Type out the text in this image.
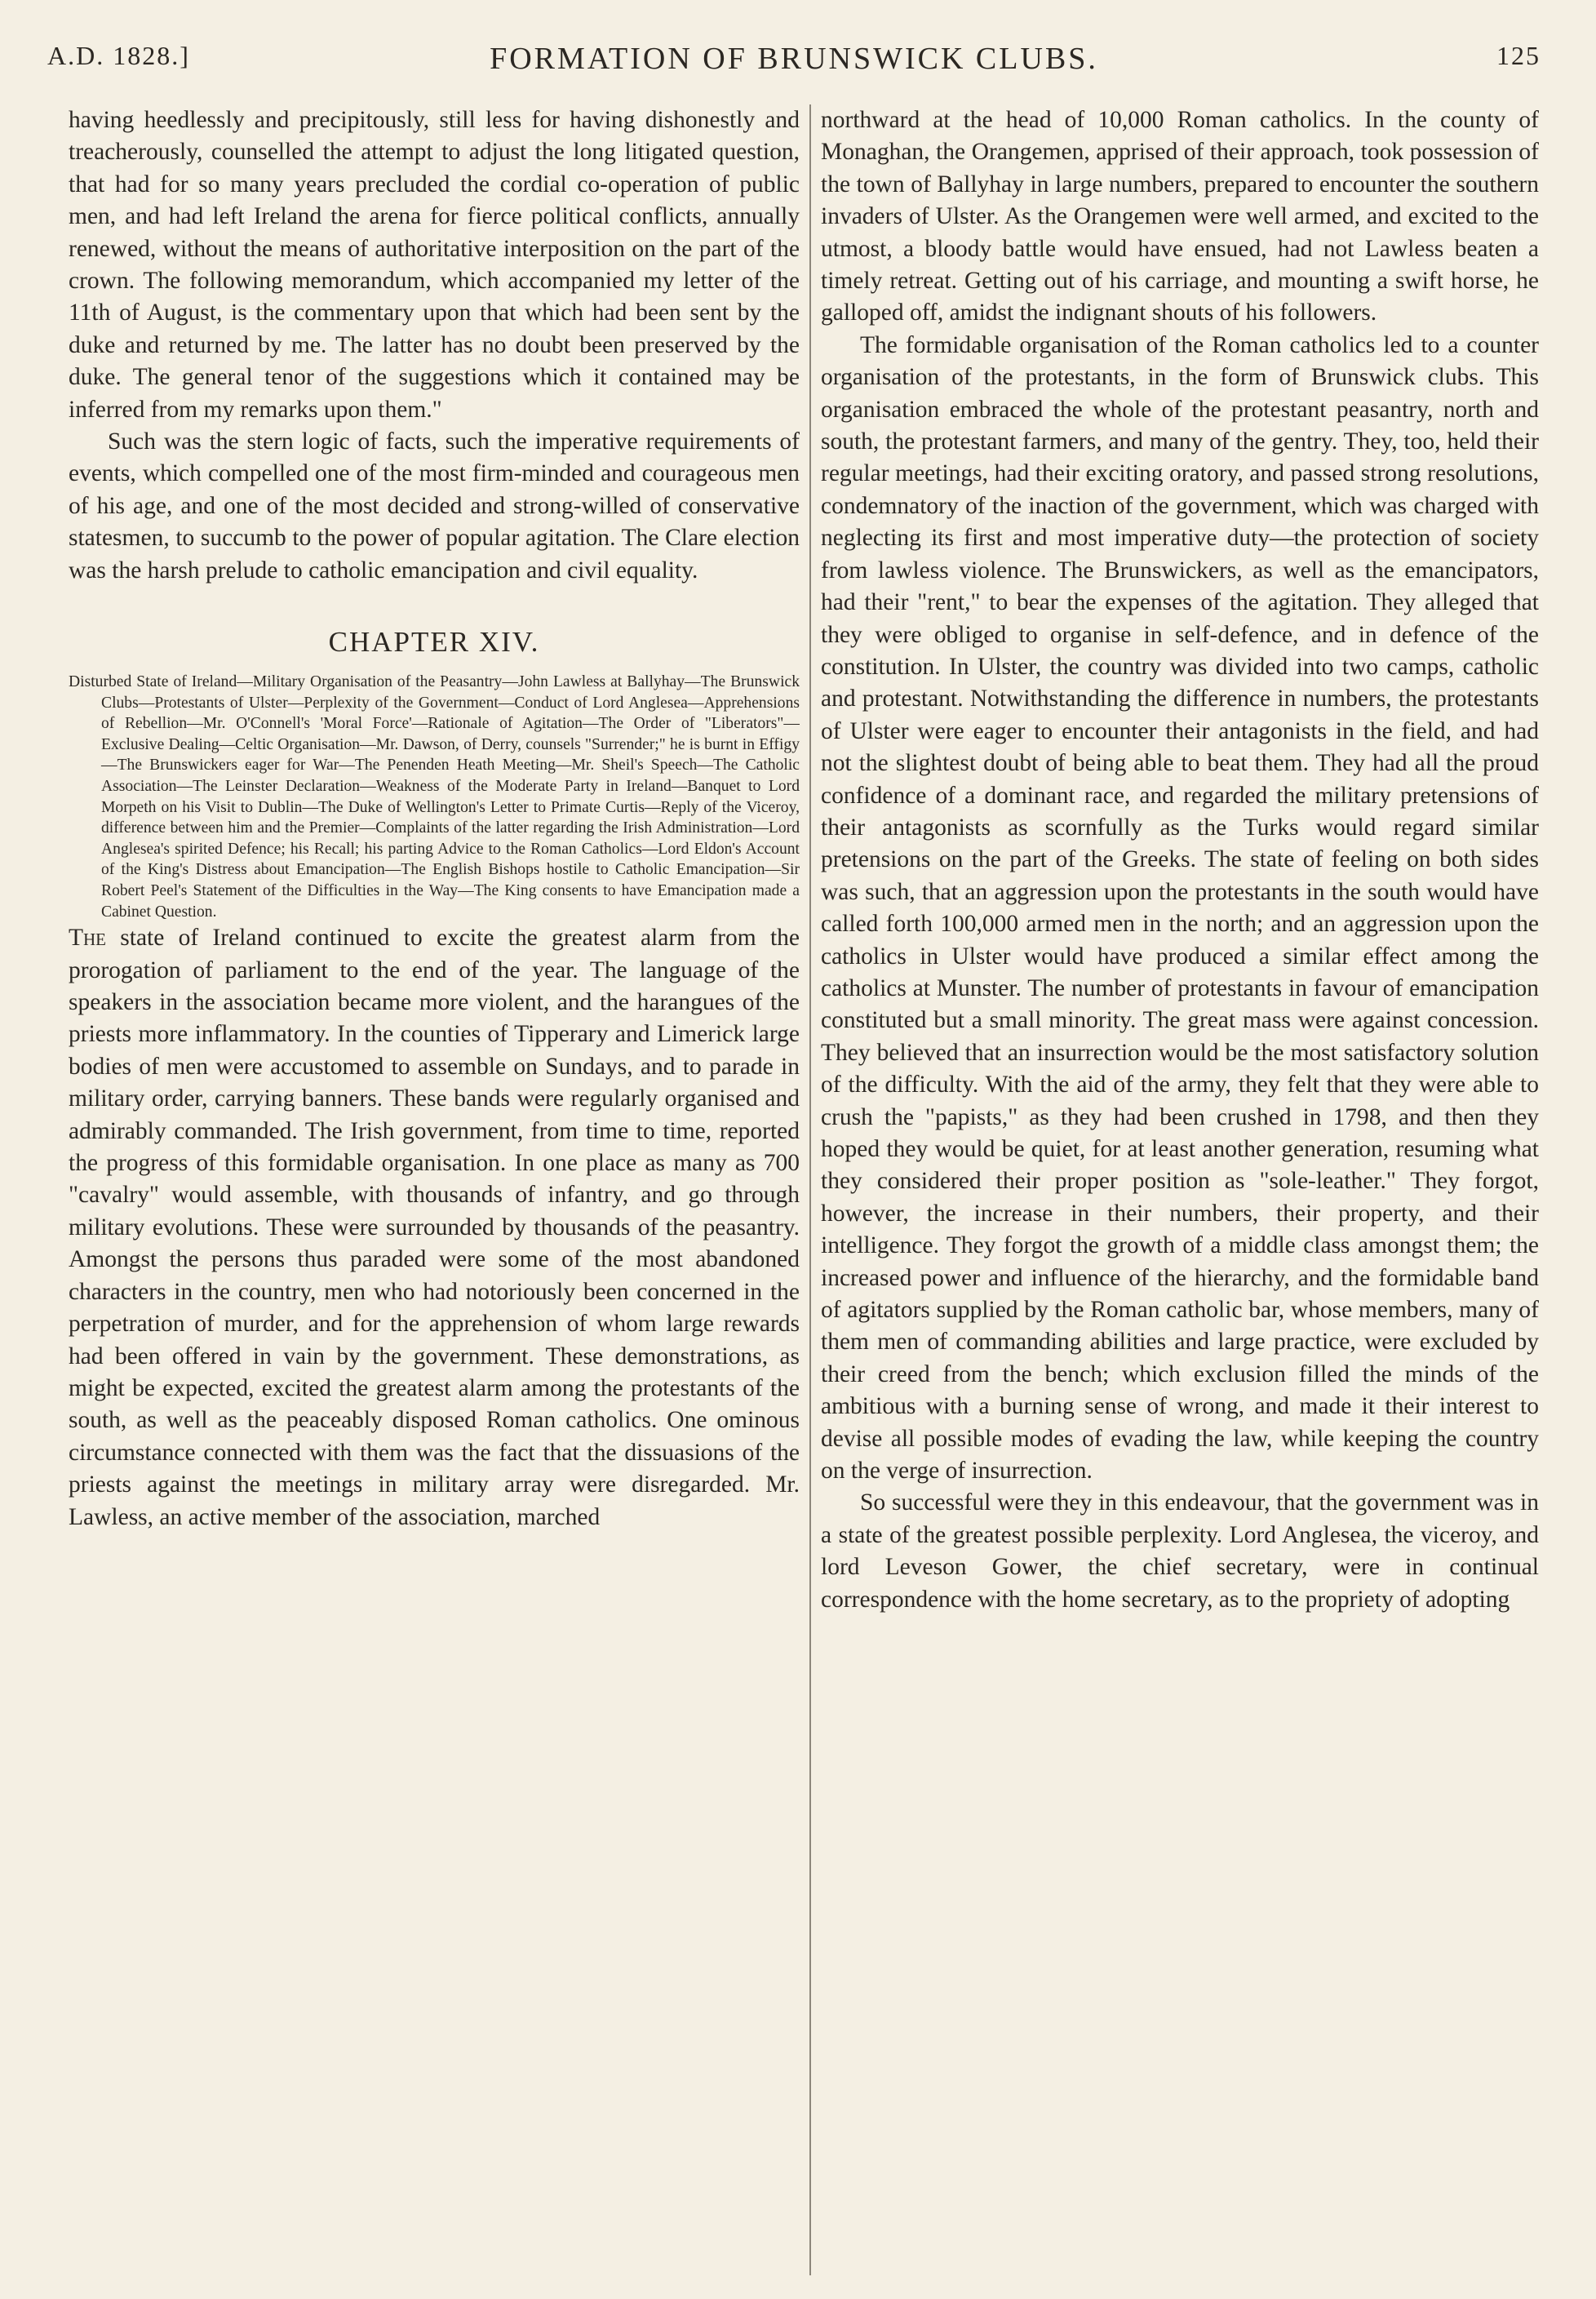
FORMATION OF BRUNSWICK CLUBS.
A.D. 1828.]	125

having heedlessly and precipitously, still less for having dishonestly and treacherously, counselled the attempt to adjust the long litigated question, that had for so many years precluded the cordial co-operation of public men, and had left Ireland the arena for fierce political conflicts, annually renewed, without the means of authoritative interposition on the part of the crown. The following memorandum, which accompanied my letter of the 11th of August, is the commentary upon that which had been sent by the duke and returned by me. The latter has no doubt been preserved by the duke. The general tenor of the suggestions which it contained may be inferred from my remarks upon them."

Such was the stern logic of facts, such the imperative requirements of events, which compelled one of the most firm-minded and courageous men of his age, and one of the most decided and strong-willed of conservative statesmen, to succumb to the power of popular agitation. The Clare election was the harsh prelude to catholic emancipation and civil equality.

CHAPTER XIV.

Disturbed State of Ireland—Military Organisation of the Peasantry—John Lawless at Ballyhay—The Brunswick Clubs—Protestants of Ulster—Perplexity of the Government—Conduct of Lord Anglesea—Apprehensions of Rebellion—Mr. O'Connell's 'Moral Force'—Rationale of Agitation—The Order of "Liberators"—Exclusive Dealing—Celtic Organisation—Mr. Dawson, of Derry, counsels "Surrender;" he is burnt in Effigy—The Brunswickers eager for War—The Penenden Heath Meeting—Mr. Sheil's Speech—The Catholic Association—The Leinster Declaration—Weakness of the Moderate Party in Ireland—Banquet to Lord Morpeth on his Visit to Dublin—The Duke of Wellington's Letter to Primate Curtis—Reply of the Viceroy, difference between him and the Premier—Complaints of the latter regarding the Irish Administration—Lord Anglesea's spirited Defence; his Recall; his parting Advice to the Roman Catholics—Lord Eldon's Account of the King's Distress about Emancipation—The English Bishops hostile to Catholic Emancipation—Sir Robert Peel's Statement of the Difficulties in the Way—The King consents to have Emancipation made a Cabinet Question.

The state of Ireland continued to excite the greatest alarm from the prorogation of parliament to the end of the year. The language of the speakers in the association became more violent, and the harangues of the priests more inflammatory. In the counties of Tipperary and Limerick large bodies of men were accustomed to assemble on Sundays, and to parade in military order, carrying banners. These bands were regularly organised and admirably commanded. The Irish government, from time to time, reported the progress of this formidable organisation. In one place as many as 700 "cavalry" would assemble, with thousands of infantry, and go through military evolutions. These were surrounded by thousands of the peasantry. Amongst the persons thus paraded were some of the most abandoned characters in the country, men who had notoriously been concerned in the perpetration of murder, and for the apprehension of whom large rewards had been offered in vain by the government. These demonstrations, as might be expected, excited the greatest alarm among the protestants of the south, as well as the peaceably disposed Roman catholics. One ominous circumstance connected with them was the fact that the dissuasions of the priests against the meetings in military array were disregarded. Mr. Lawless, an active member of the association, marched

northward at the head of 10,000 Roman catholics. In the county of Monaghan, the Orangemen, apprised of their approach, took possession of the town of Ballyhay in large numbers, prepared to encounter the southern invaders of Ulster. As the Orangemen were well armed, and excited to the utmost, a bloody battle would have ensued, had not Lawless beaten a timely retreat. Getting out of his carriage, and mounting a swift horse, he galloped off, amidst the indignant shouts of his followers.

The formidable organisation of the Roman catholics led to a counter organisation of the protestants, in the form of Brunswick clubs. This organisation embraced the whole of the protestant peasantry, north and south, the protestant farmers, and many of the gentry. They, too, held their regular meetings, had their exciting oratory, and passed strong resolutions, condemnatory of the inaction of the government, which was charged with neglecting its first and most imperative duty—the protection of society from lawless violence. The Brunswickers, as well as the emancipators, had their "rent," to bear the expenses of the agitation. They alleged that they were obliged to organise in self-defence, and in defence of the constitution. In Ulster, the country was divided into two camps, catholic and protestant. Notwithstanding the difference in numbers, the protestants of Ulster were eager to encounter their antagonists in the field, and had not the slightest doubt of being able to beat them. They had all the proud confidence of a dominant race, and regarded the military pretensions of their antagonists as scornfully as the Turks would regard similar pretensions on the part of the Greeks. The state of feeling on both sides was such, that an aggression upon the protestants in the south would have called forth 100,000 armed men in the north; and an aggression upon the catholics in Ulster would have produced a similar effect among the catholics at Munster. The number of protestants in favour of emancipation constituted but a small minority. The great mass were against concession. They believed that an insurrection would be the most satisfactory solution of the difficulty. With the aid of the army, they felt that they were able to crush the "papists," as they had been crushed in 1798, and then they hoped they would be quiet, for at least another generation, resuming what they considered their proper position as "sole-leather." They forgot, however, the increase in their numbers, their property, and their intelligence. They forgot the growth of a middle class amongst them; the increased power and influence of the hierarchy, and the formidable band of agitators supplied by the Roman catholic bar, whose members, many of them men of commanding abilities and large practice, were excluded by their creed from the bench; which exclusion filled the minds of the ambitious with a burning sense of wrong, and made it their interest to devise all possible modes of evading the law, while keeping the country on the verge of insurrection.

So successful were they in this endeavour, that the government was in a state of the greatest possible perplexity. Lord Anglesea, the viceroy, and lord Leveson Gower, the chief secretary, were in continual correspondence with the home secretary, as to the propriety of adopting
